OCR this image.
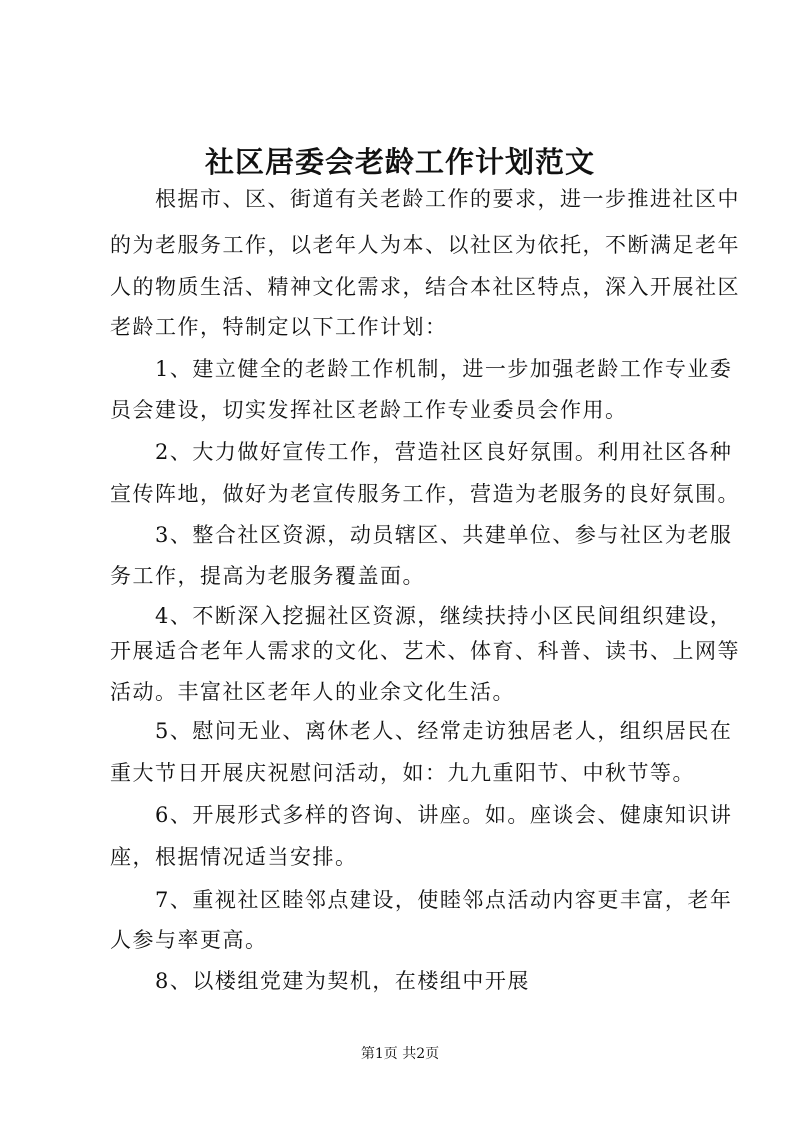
社区居委会老龄工作计划范文
　　根据市、区、街道有关老龄工作的要求，进一步推进社区中
的为老服务工作，以老年人为本、以社区为依托，不断满足老年
人的物质生活、精神文化需求，结合本社区特点，深入开展社区
老龄工作，特制定以下工作计划：
　　1、建立健全的老龄工作机制，进一步加强老龄工作专业委
员会建设，切实发挥社区老龄工作专业委员会作用。
　　2、大力做好宣传工作，营造社区良好氛围。利用社区各种
宣传阵地，做好为老宣传服务工作，营造为老服务的良好氛围。
　　3、整合社区资源，动员辖区、共建单位、参与社区为老服
务工作，提高为老服务覆盖面。
　　4、不断深入挖掘社区资源，继续扶持小区民间组织建设，
开展适合老年人需求的文化、艺术、体育、科普、读书、上网等
活动。丰富社区老年人的业余文化生活。
　　5、慰问无业、离休老人、经常走访独居老人，组织居民在
重大节日开展庆祝慰问活动，如：九九重阳节、中秋节等。
　　6、开展形式多样的咨询、讲座。如。座谈会、健康知识讲
座，根据情况适当安排。
　　7、重视社区睦邻点建设，使睦邻点活动内容更丰富，老年
人参与率更高。
　　8、以楼组党建为契机，在楼组中开展
第1页 共2页
